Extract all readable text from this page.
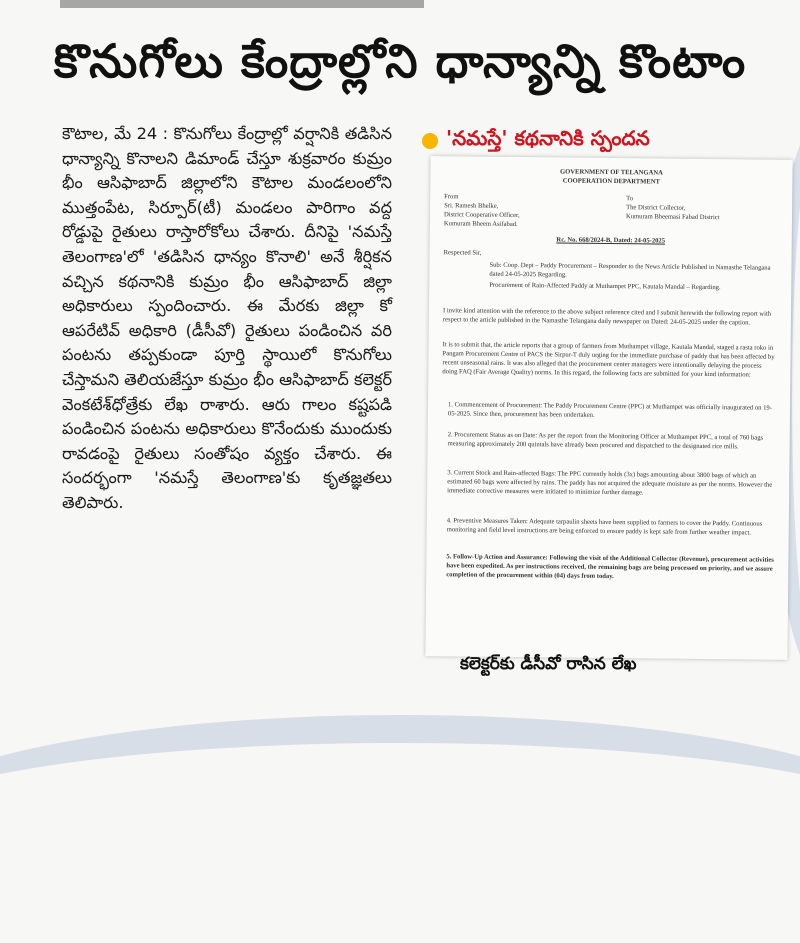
కొనుగోలు కేంద్రాల్లోని ధాన్యాన్ని కొంటాం

కౌటాల, మే 24 : కొనుగోలు కేంద్రాల్లో వర్షానికి తడిసిన ధాన్యాన్ని కొనాలని డిమాండ్ చేస్తూ శుక్రవారం కుమ్రం భీం ఆసిఫాబాద్ జిల్లాలోని కౌటాల మండలంలోని ముత్తంపేట, సిర్పూర్(టీ) మండలం పారిగాం వద్ద రోడ్డుపై రైతులు రాస్తారోకోలు చేశారు. దీనిపై 'నమస్తే తెలంగాణ'లో 'తడిసిన ధాన్యం కొనాలి' అనే శీర్షికన వచ్చిన కథనానికి కుమ్రం భీం ఆసిఫాబాద్ జిల్లా అధికారులు స్పందించారు. ఈ మేరకు జిల్లా కో ఆపరేటివ్ అధికారి (డీసీవో) రైతులు పండించిన వరి పంటను తప్పకుండా పూర్తి స్థాయిలో కొనుగోలు చేస్తామని తెలియజేస్తూ కుమ్రం భీం ఆసిఫాబాద్ కలెక్టర్ వెంకటేశ్‌ధోత్రేకు లేఖ రాశారు. ఆరు గాలం కష్టపడి పండించిన పంటను అధికారులు కొనేందుకు ముందుకు రావడంపై రైతులు సంతోషం వ్యక్తం చేశారు. ఈ సందర్భంగా 'నమస్తే తెలంగాణ'కు కృతజ్ఞతలు తెలిపారు.

'నమస్తే' కథనానికి స్పందన
GOVERNMENT OF TELANGANA
COOPERATION DEPARTMENT
From
Sri. Ramesh Bhelke,
District Cooperative Officer,
Kumuram Bheem Asifabad.
To
The District Collector,
Kumuram Bheemasi Fabad District
Rc. No. 668/2024-B, Dated: 24-05-2025
Respected Sir,
Sub: Coop. Dept – Paddy Procurement – Responder to the News Article Published in Namasthe Telangana dated 24-05-2025 Regarding.
Procurement of Rain-Affected Paddy at Muthampet PPC, Kautala Mandal – Regarding.
I invite kind attention with the reference to the above subject reference cited and I submit herewith the following report with respect to the article published in the Namasthe Telangana daily newspaper on Dated: 24-05-2025 under the caption.
It is to submit that, the article reports that a group of farmers from Muthampet village, Kautala Mandal, staged a rasta roko in Pangam Procurement Centre of PACS the Sirpur-T duly urging for the immediate purchase of paddy that has been affected by recent unseasonal rains. It was also alleged that the procurement center managers were intentionally delaying the process doing FAQ (Fair Average Quality) norms. In this regard, the following facts are submitted for your kind information:
1. Commencement of Procurement: The Paddy Procurement Centre (PPC) at Muthampet was officially inaugurated on 19-05-2025. Since then, procurement has been undertaken.
2. Procurement Status as on Date: As per the report from the Monitoring Officer at Muthampet PPC, a total of 760 bags measuring approximately 200 quintals have already been procured and dispatched to the designated rice mills.
3. Current Stock and Rain-affected Bags: The PPC currently holds (3x) bags amounting about 3800 bags of which an estimated 60 bags were affected by rains. The paddy has not acquired the adequate moisture as per the norms. However the immediate corrective measures were initiated to minimize further damage.
4. Preventive Measures Taken: Adequate tarpaulin sheets have been supplied to farmers to cover the Paddy. Continuous monitoring and field level instructions are being enforced to ensure paddy is kept safe from further weather impact.
5. Follow-Up Action and Assurance: Following the visit of the Additional Collector (Revenue), procurement activities have been expedited. As per instructions received, the remaining bags are being processed on priority, and we assure completion of the procurement within (04) days from today.
కలెక్టర్‌కు డీసీవో రాసిన లేఖ
